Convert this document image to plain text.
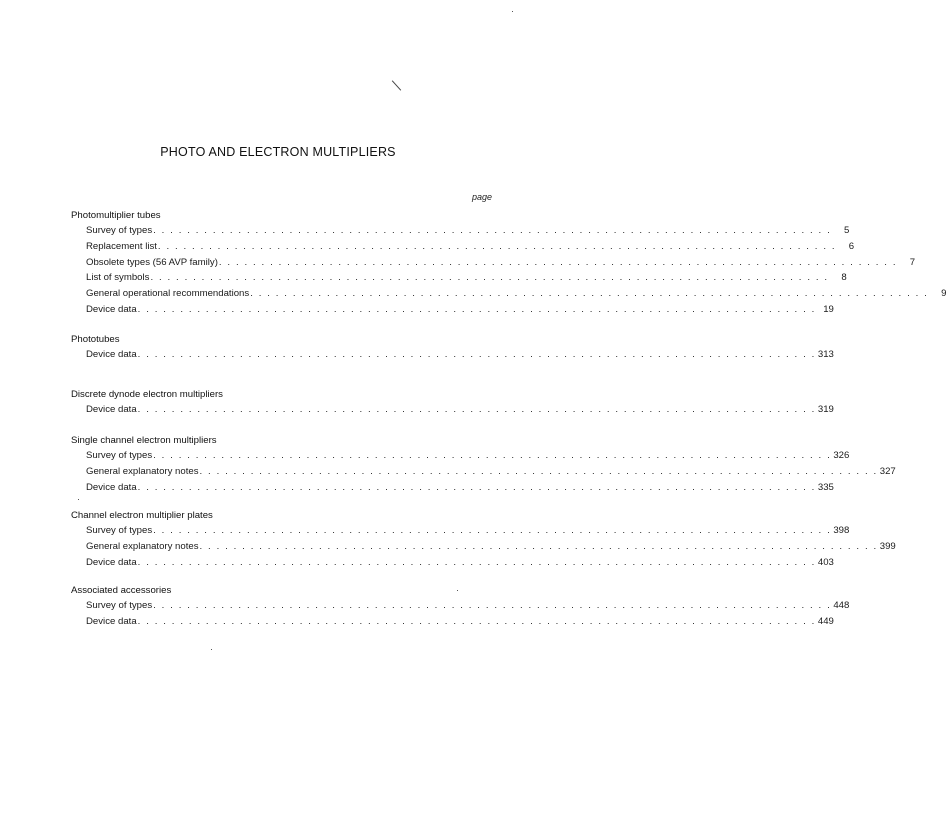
PHOTO AND ELECTRON MULTIPLIERS
page
Photomultiplier tubes
Survey of types . . . . . . . . . . . . . . . . . . . . . . . . . . . . . . . . . . . . . . . . . . . . . . . . . . . . . . . . . . . . . . . . . . . . . . . . . . . . . . . .	5
Replacement list . . . . . . . . . . . . . . . . . . . . . . . . . . . . . . . . . . . . . . . . . . . . . . . . . . . . . . . . . . . . . . . . . . . . . . . . . . . . . . . .	6
Obsolete types (56 AVP family) . . . . . . . . . . . . . . . . . . . . . . . . . . . . . . . . . . . . . . . . . . . . . . . . . . . . . . . . . . . . . . . . . . . . . . . . . . . . . . . .	7
List of symbols . . . . . . . . . . . . . . . . . . . . . . . . . . . . . . . . . . . . . . . . . . . . . . . . . . . . . . . . . . . . . . . . . . . . . . . . . . . . . . . .	8
General operational recommendations . . . . . . . . . . . . . . . . . . . . . . . . . . . . . . . . . . . . . . . . . . . . . . . . . . . . . . . . . . . . . . . . . . . . . . . . . . . . . . . .	9
Device data . . . . . . . . . . . . . . . . . . . . . . . . . . . . . . . . . . . . . . . . . . . . . . . . . . . . . . . . . . . . . . . . . . . . . . . . . . . . . . . . 19
Phototubes
Device data . . . . . . . . . . . . . . . . . . . . . . . . . . . . . . . . . . . . . . . . . . . . . . . . . . . . . . . . . . . . . . . . . . . . . . . . . . . . . . . . 313
Discrete dynode electron multipliers
Device data . . . . . . . . . . . . . . . . . . . . . . . . . . . . . . . . . . . . . . . . . . . . . . . . . . . . . . . . . . . . . . . . . . . . . . . . . . . . . . . . 319
Single channel electron multipliers
Survey of types . . . . . . . . . . . . . . . . . . . . . . . . . . . . . . . . . . . . . . . . . . . . . . . . . . . . . . . . . . . . . . . . . . . . . . . . . . . . . . . . 326
General explanatory notes . . . . . . . . . . . . . . . . . . . . . . . . . . . . . . . . . . . . . . . . . . . . . . . . . . . . . . . . . . . . . . . . . . . . . . . . . . . . . . . . 327
Device data . . . . . . . . . . . . . . . . . . . . . . . . . . . . . . . . . . . . . . . . . . . . . . . . . . . . . . . . . . . . . . . . . . . . . . . . . . . . . . . . 335
Channel electron multiplier plates
Survey of types . . . . . . . . . . . . . . . . . . . . . . . . . . . . . . . . . . . . . . . . . . . . . . . . . . . . . . . . . . . . . . . . . . . . . . . . . . . . . . . . 398
General explanatory notes . . . . . . . . . . . . . . . . . . . . . . . . . . . . . . . . . . . . . . . . . . . . . . . . . . . . . . . . . . . . . . . . . . . . . . . . . . . . . . . . 399
Device data . . . . . . . . . . . . . . . . . . . . . . . . . . . . . . . . . . . . . . . . . . . . . . . . . . . . . . . . . . . . . . . . . . . . . . . . . . . . . . . . 403
Associated accessories
Survey of types . . . . . . . . . . . . . . . . . . . . . . . . . . . . . . . . . . . . . . . . . . . . . . . . . . . . . . . . . . . . . . . . . . . . . . . . . . . . . . . . 448
Device data . . . . . . . . . . . . . . . . . . . . . . . . . . . . . . . . . . . . . . . . . . . . . . . . . . . . . . . . . . . . . . . . . . . . . . . . . . . . . . . . 449
